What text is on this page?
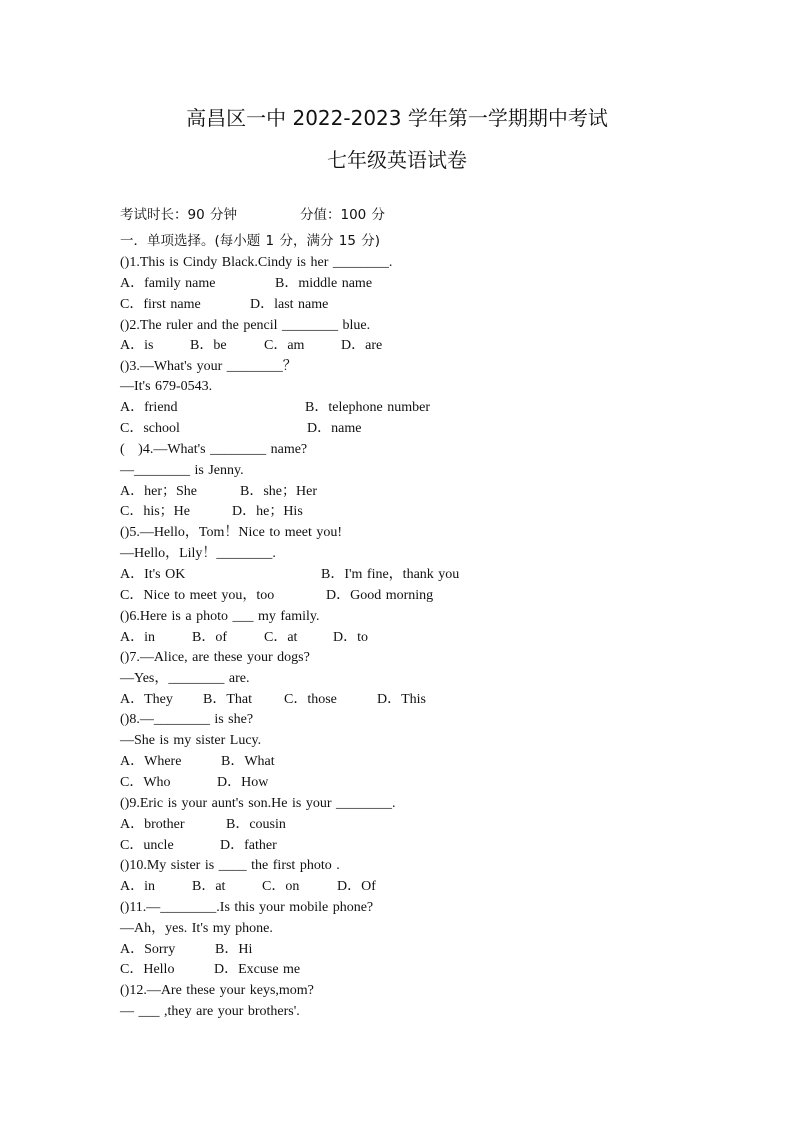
高昌区一中 2022-2023 学年第一学期期中考试
七年级英语试卷

考试时长：90 分钟

	分值：100 分

一．单项选择。(每小题 1 分，满分 15 分)

()1.This is Cindy Black.Cindy is her ________.

A．family name

	B．middle name

C．first name

	D．last name

()2.The ruler and the pencil ________ blue.

A．is

	B．be

	C．am

	D．are

()3.—What's your ________？

—It's 679-0543.

A．friend

	B．telephone number

C．school

	D．name

(   )4.—What's ________ name?

—________ is Jenny.

A．her；She

	B．she；Her

C．his；He

	D．he；His

()5.—Hello，Tom！Nice to meet you!

—Hello，Lily！________.

A．It's OK

	B．I'm fine，thank you

C．Nice to meet you，too

	D．Good morning

()6.Here is a photo ___ my family.

A．in

	B．of

	C．at

	D．to

()7.—Alice, are these your dogs?

—Yes，________ are.

A．They

B．That

C．those

	D．This

()8.—________ is she?

—She is my sister Lucy.

A．Where

	B．What

C．Who

	D．How

()9.Eric is your aunt's son.He is your ________.

A．brother

	B．cousin

C．uncle

	D．father

()10.My sister is ____ the first photo .

A．in

	B．at

	C．on

	D．Of

()11.—________.Is this your mobile phone?

—Ah，yes. It's my phone.

A．Sorry

	B．Hi

C．Hello

	D．Excuse me

()12.—Are these your keys,mom?

— ___ ,they are your brothers'.
